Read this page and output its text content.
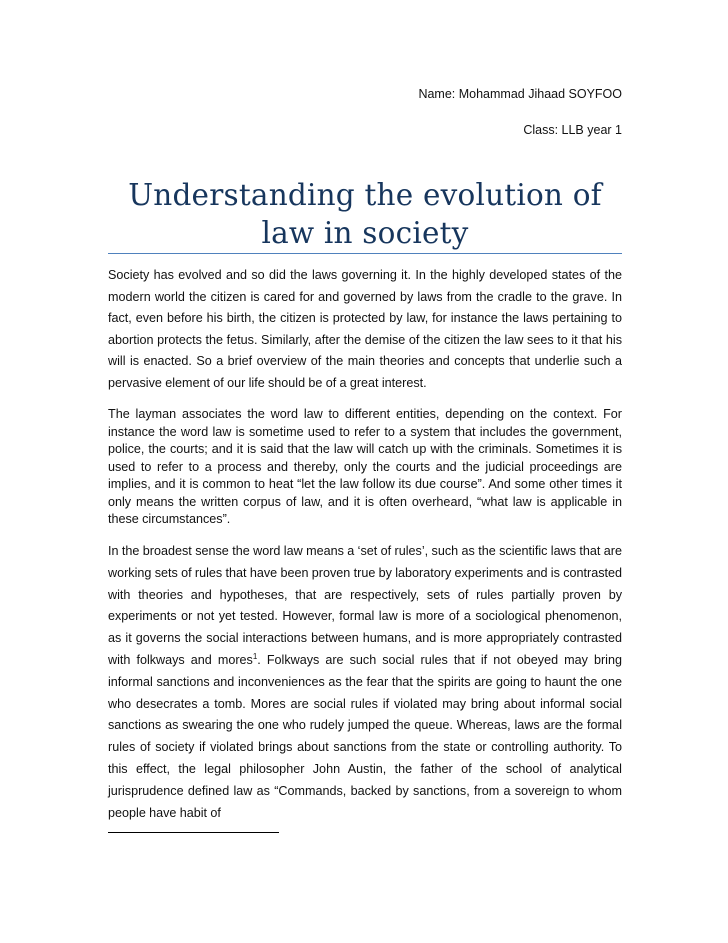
Name: Mohammad Jihaad SOYFOO
Class: LLB year 1
Understanding the evolution of law in society

Society has evolved and so did the laws governing it. In the highly developed states of the modern world the citizen is cared for and governed by laws from the cradle to the grave. In fact, even before his birth, the citizen is protected by law, for instance the laws pertaining to abortion protects the fetus. Similarly, after the demise of the citizen the law sees to it that his will is enacted. So a brief overview of the main theories and concepts that underlie such a pervasive element of our life should be of a great interest.

The layman associates the word law to different entities, depending on the context. For instance the word law is sometime used to refer to a system that includes the government, police, the courts; and it is said that the law will catch up with the criminals. Sometimes it is used to refer to a process and thereby, only the courts and the judicial proceedings are implies, and it is common to heat “let the law follow its due course”. And some other times it only means the written corpus of law, and it is often overheard, “what law is applicable in these circumstances”.

In the broadest sense the word law means a ‘set of rules’, such as the scientific laws that are working sets of rules that have been proven true by laboratory experiments and is contrasted with theories and hypotheses, that are respectively, sets of rules partially proven by experiments or not yet tested. However, formal law is more of a sociological phenomenon, as it governs the social interactions between humans, and is more appropriately contrasted with folkways and mores$^1$. Folkways are such social rules that if not obeyed may bring informal sanctions and inconveniences as the fear that the spirits are going to haunt the one who desecrates a tomb. Mores are social rules if violated may bring about informal social sanctions as swearing the one who rudely jumped the queue. Whereas, laws are the formal rules of society if violated brings about sanctions from the state or controlling authority. To this effect, the legal philosopher John Austin, the father of the school of analytical jurisprudence defined law as “Commands, backed by sanctions, from a sovereign to whom people have habit of
